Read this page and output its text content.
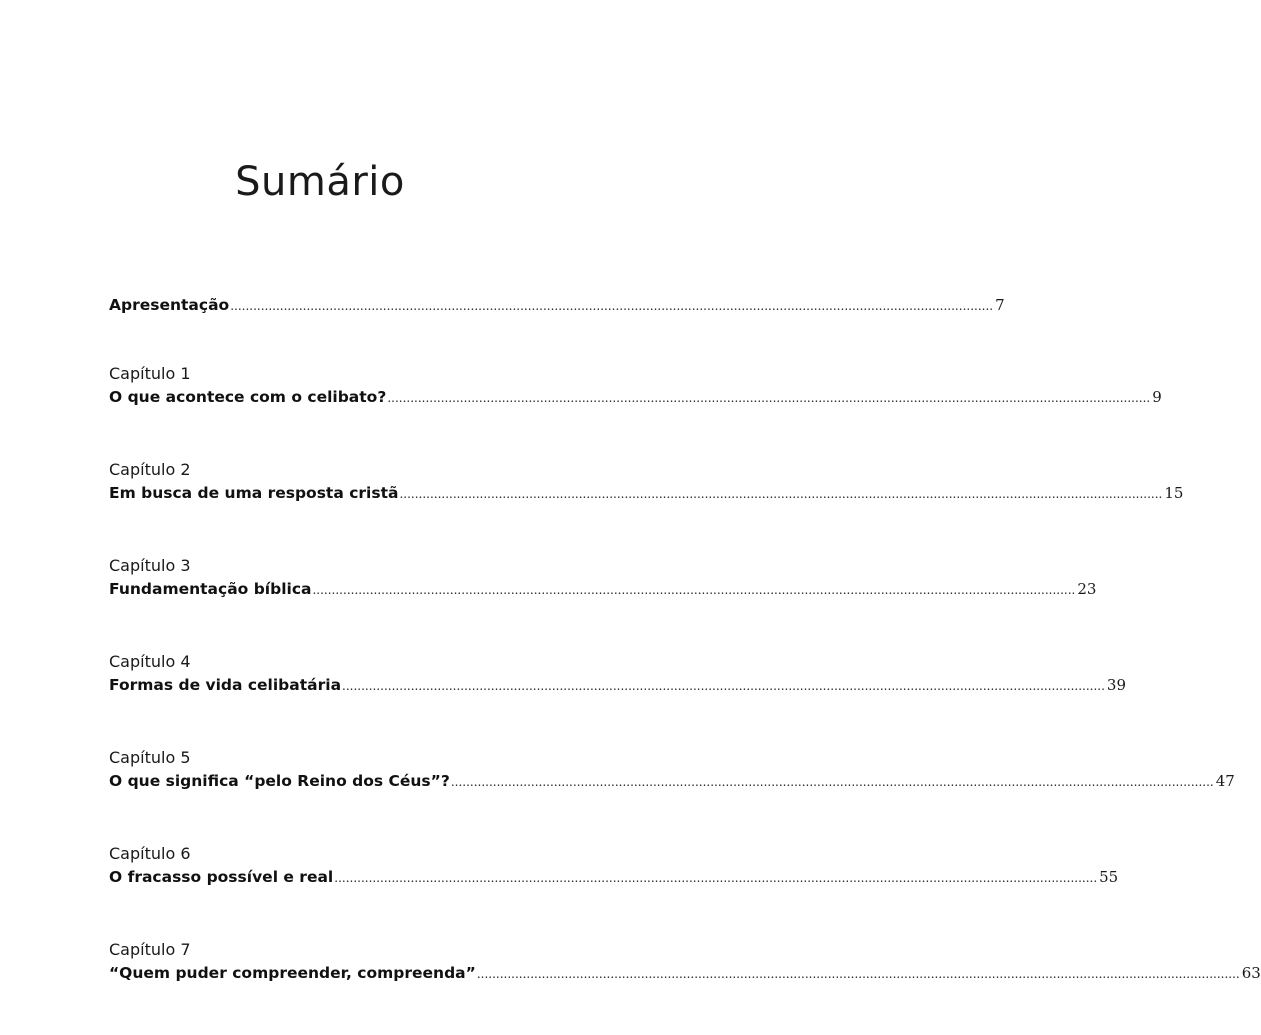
Sumário
Apresentação ........................................................................................................................................................................................................ 7
Capítulo 1
O que acontece com o celibato? ........................................................................................................................................................................................................ 9
Capítulo 2
Em busca de uma resposta cristã ........................................................................................................................................................................................................ 15
Capítulo 3
Fundamentação bíblica ........................................................................................................................................................................................................ 23
Capítulo 4
Formas de vida celibatária ........................................................................................................................................................................................................ 39
Capítulo 5
O que significa “pelo Reino dos Céus”? ........................................................................................................................................................................................................ 47
Capítulo 6
O fracasso possível e real ........................................................................................................................................................................................................ 55
Capítulo 7
“Quem puder compreender, compreenda” ........................................................................................................................................................................................................ 63
